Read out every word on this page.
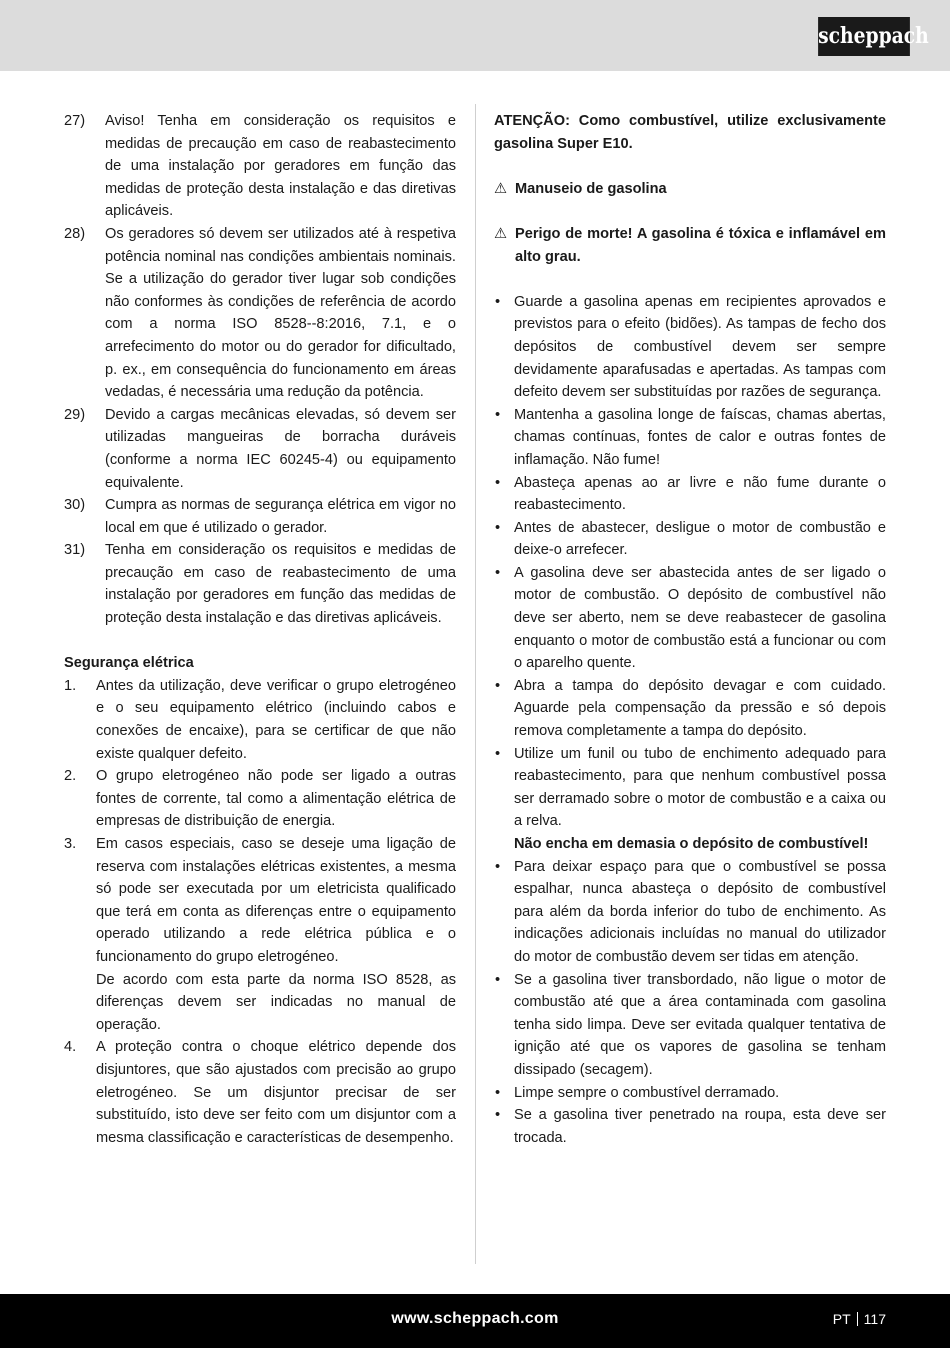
scheppach
27) Aviso! Tenha em consideração os requisitos e medidas de precaução em caso de reabastecimento de uma instalação por geradores em função das medidas de proteção desta instalação e das diretivas aplicáveis.
28) Os geradores só devem ser utilizados até à respetiva potência nominal nas condições ambientais nominais. Se a utilização do gerador tiver lugar sob condições não conformes às condições de referência de acordo com a norma ISO 8528--8:2016, 7.1, e o arrefecimento do motor ou do gerador for dificultado, p. ex., em consequência do funcionamento em áreas vedadas, é necessária uma redução da potência.
29) Devido a cargas mecânicas elevadas, só devem ser utilizadas mangueiras de borracha duráveis (conforme a norma IEC 60245-4) ou equipamento equivalente.
30) Cumpra as normas de segurança elétrica em vigor no local em que é utilizado o gerador.
31) Tenha em consideração os requisitos e medidas de precaução em caso de reabastecimento de uma instalação por geradores em função das medidas de proteção desta instalação e das diretivas aplicáveis.

Segurança elétrica

1. Antes da utilização, deve verificar o grupo eletrogéneo e o seu equipamento elétrico (incluindo cabos e conexões de encaixe), para se certificar de que não existe qualquer defeito.
2. O grupo eletrogéneo não pode ser ligado a outras fontes de corrente, tal como a alimentação elétrica de empresas de distribuição de energia.
3. Em casos especiais, caso se deseje uma ligação de reserva com instalações elétricas existentes, a mesma só pode ser executada por um eletricista qualificado que terá em conta as diferenças entre o equipamento operado utilizando a rede elétrica pública e o funcionamento do grupo eletrogéneo.
De acordo com esta parte da norma ISO 8528, as diferenças devem ser indicadas no manual de operação.
4. A proteção contra o choque elétrico depende dos disjuntores, que são ajustados com precisão ao grupo eletrogéneo. Se um disjuntor precisar de ser substituído, isto deve ser feito com um disjuntor com a mesma classificação e características de desempenho.

ATENÇÃO: Como combustível, utilize exclusivamente gasolina Super E10.

⚠ Manuseio de gasolina
⚠ Perigo de morte! A gasolina é tóxica e inflamável em alto grau.
• Guarde a gasolina apenas em recipientes aprovados e previstos para o efeito (bidões). As tampas de fecho dos depósitos de combustível devem ser sempre devidamente aparafusadas e apertadas. As tampas com defeito devem ser substituídas por razões de segurança.
• Mantenha a gasolina longe de faíscas, chamas abertas, chamas contínuas, fontes de calor e outras fontes de inflamação. Não fume!
• Abasteça apenas ao ar livre e não fume durante o reabastecimento.
• Antes de abastecer, desligue o motor de combustão e deixe-o arrefecer.
• A gasolina deve ser abastecida antes de ser ligado o motor de combustão. O depósito de combustível não deve ser aberto, nem se deve reabastecer de gasolina enquanto o motor de combustão está a funcionar ou com o aparelho quente.
• Abra a tampa do depósito devagar e com cuidado. Aguarde pela compensação da pressão e só depois remova completamente a tampa do depósito.
• Utilize um funil ou tubo de enchimento adequado para reabastecimento, para que nenhum combustível possa ser derramado sobre o motor de combustão e a caixa ou a relva.

Não encha em demasia o depósito de combustível!

• Para deixar espaço para que o combustível se possa espalhar, nunca abasteça o depósito de combustível para além da borda inferior do tubo de enchimento. As indicações adicionais incluídas no manual do utilizador do motor de combustão devem ser tidas em atenção.
• Se a gasolina tiver transbordado, não ligue o motor de combustão até que a área contaminada com gasolina tenha sido limpa. Deve ser evitada qualquer tentativa de ignição até que os vapores de gasolina se tenham dissipado (secagem).
• Limpe sempre o combustível derramado.
• Se a gasolina tiver penetrado na roupa, esta deve ser trocada.
www.scheppach.com	PT 117
